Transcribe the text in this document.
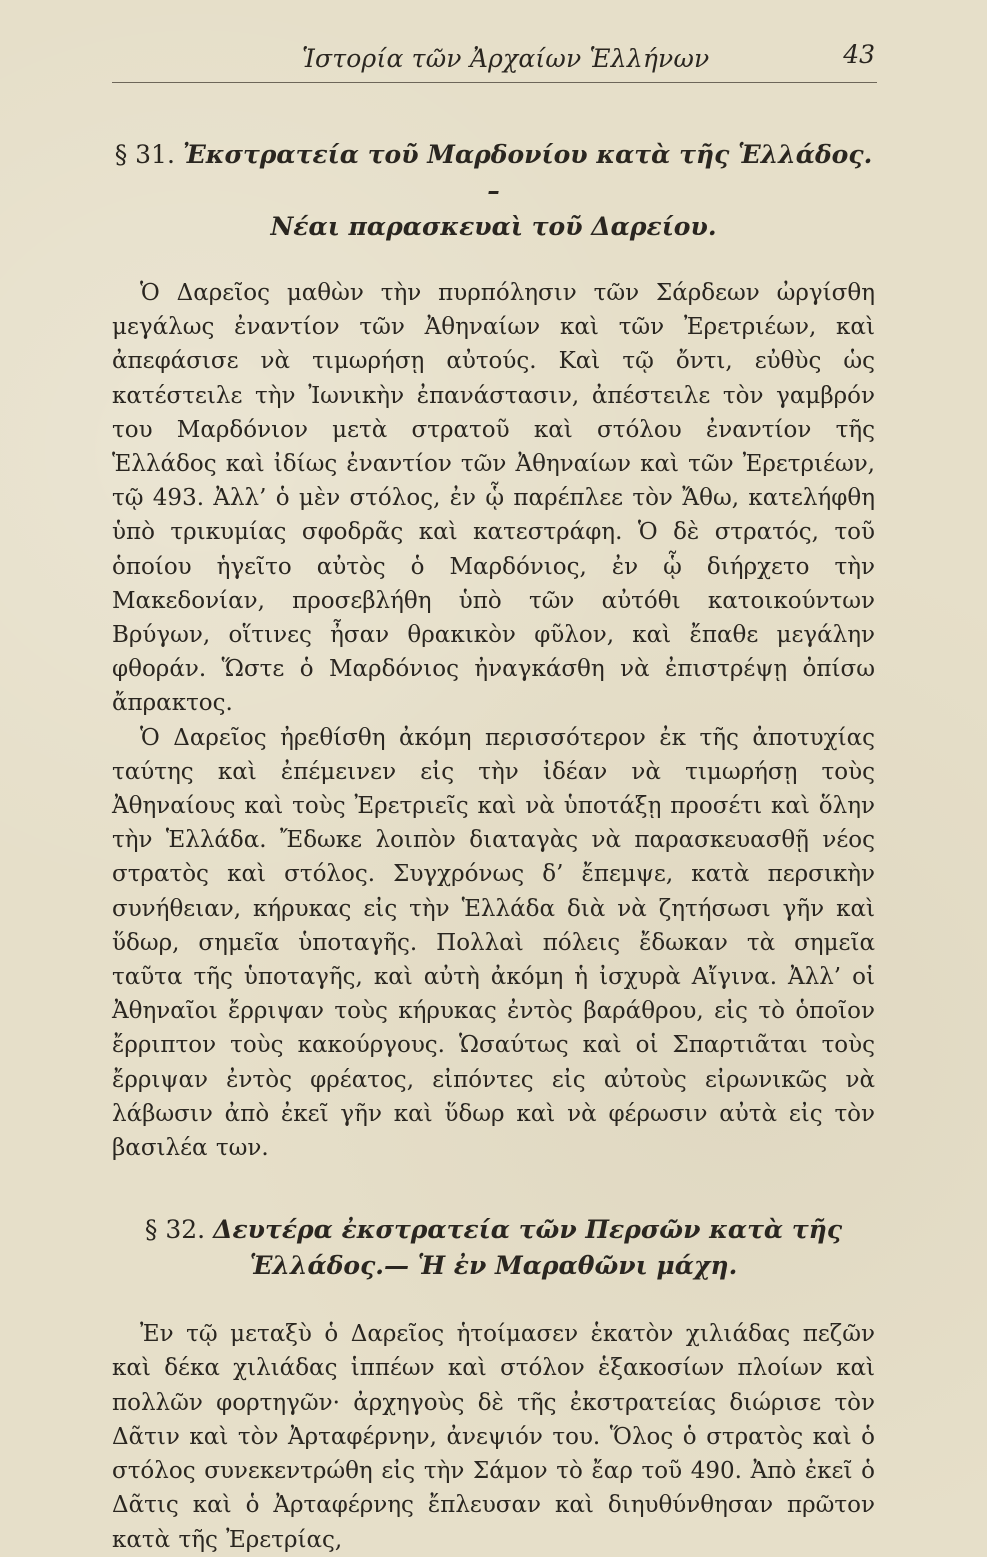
Ἱστορία τῶν Ἀρχαίων Ἑλλήνων	43
§ 31. Ἐκστρατεία τοῦ Μαρδονίου κατὰ τῆς Ἑλλάδος. –
Νέαι παρασκευαὶ τοῦ Δαρείου.

Ὁ Δαρεῖος μαθὼν τὴν πυρπόλησιν τῶν Σάρδεων ὠργίσθη μεγάλως ἐναντίον τῶν Ἀθηναίων καὶ τῶν Ἐρετριέων, καὶ ἀπεφάσισε νὰ τιμωρήσῃ αὐτούς. Καὶ τῷ ὄντι, εὐθὺς ὡς κατέστειλε τὴν Ἰωνικὴν ἐπανάστασιν, ἀπέστειλε τὸν γαμβρόν του Μαρδόνιον μετὰ στρατοῦ καὶ στόλου ἐναντίον τῆς Ἑλλάδος καὶ ἰδίως ἐναντίον τῶν Ἀθηναίων καὶ τῶν Ἐρετριέων, τῷ 493. Ἀλλ’ ὁ μὲν στόλος, ἐν ᾧ παρέπλεε τὸν Ἄθω, κατελήφθη ὑπὸ τρικυμίας σφοδρᾶς καὶ κατεστράφη. Ὁ δὲ στρατός, τοῦ ὁποίου ἡγεῖτο αὐτὸς ὁ Μαρδόνιος, ἐν ᾧ διήρχετο τὴν Μακεδονίαν, προσεβλήθη ὑπὸ τῶν αὐτόθι κατοικούντων Βρύγων, οἵτινες ἦσαν θρακικὸν φῦλον, καὶ ἔπαθε μεγάλην φθοράν. Ὥστε ὁ Μαρδόνιος ἠναγκάσθη νὰ ἐπιστρέψῃ ὀπίσω ἄπρακτος.

Ὁ Δαρεῖος ἠρεθίσθη ἀκόμη περισσότερον ἐκ τῆς ἀποτυχίας ταύτης καὶ ἐπέμεινεν εἰς τὴν ἰδέαν νὰ τιμωρήσῃ τοὺς Ἀθηναίους καὶ τοὺς Ἐρετριεῖς καὶ νὰ ὑποτάξῃ προσέτι καὶ ὅλην τὴν Ἑλλάδα. Ἔδωκε λοιπὸν διαταγὰς νὰ παρασκευασθῇ νέος στρατὸς καὶ στόλος. Συγχρόνως δ’ ἔπεμψε, κατὰ περσικὴν συνήθειαν, κήρυκας εἰς τὴν Ἑλλάδα διὰ νὰ ζητήσωσι γῆν καὶ ὕδωρ, σημεῖα ὑποταγῆς. Πολλαὶ πόλεις ἔδωκαν τὰ σημεῖα ταῦτα τῆς ὑποταγῆς, καὶ αὐτὴ ἀκόμη ἡ ἰσχυρὰ Αἴγινα. Ἀλλ’ οἱ Ἀθηναῖοι ἔρριψαν τοὺς κήρυκας ἐντὸς βαράθρου, εἰς τὸ ὁποῖον ἔρριπτον τοὺς κακούργους. Ὡσαύτως καὶ οἱ Σπαρτιᾶται τοὺς ἔρριψαν ἐντὸς φρέατος, εἰπόντες εἰς αὐτοὺς εἰρωνικῶς νὰ λάβωσιν ἀπὸ ἐκεῖ γῆν καὶ ὕδωρ καὶ νὰ φέρωσιν αὐτὰ εἰς τὸν βασιλέα των.

§ 32. Δευτέρα ἐκστρατεία τῶν Περσῶν κατὰ τῆς
Ἑλλάδος.— Ἡ ἐν Μαραθῶνι μάχη.

Ἐν τῷ μεταξὺ ὁ Δαρεῖος ἡτοίμασεν ἑκατὸν χιλιάδας πεζῶν καὶ δέκα χιλιάδας ἱππέων καὶ στόλον ἑξακοσίων πλοίων καὶ πολλῶν φορτηγῶν· ἀρχηγοὺς δὲ τῆς ἐκστρατείας διώρισε τὸν Δᾶτιν καὶ τὸν Ἀρταφέρνην, ἀνεψιόν του. Ὅλος ὁ στρατὸς καὶ ὁ στόλος συνεκεντρώθη εἰς τὴν Σάμον τὸ ἔαρ τοῦ 490. Ἀπὸ ἐκεῖ ὁ Δᾶτις καὶ ὁ Ἀρταφέρνης ἔπλευσαν καὶ διηυθύνθησαν πρῶτον κατὰ τῆς Ἐρετρίας,
